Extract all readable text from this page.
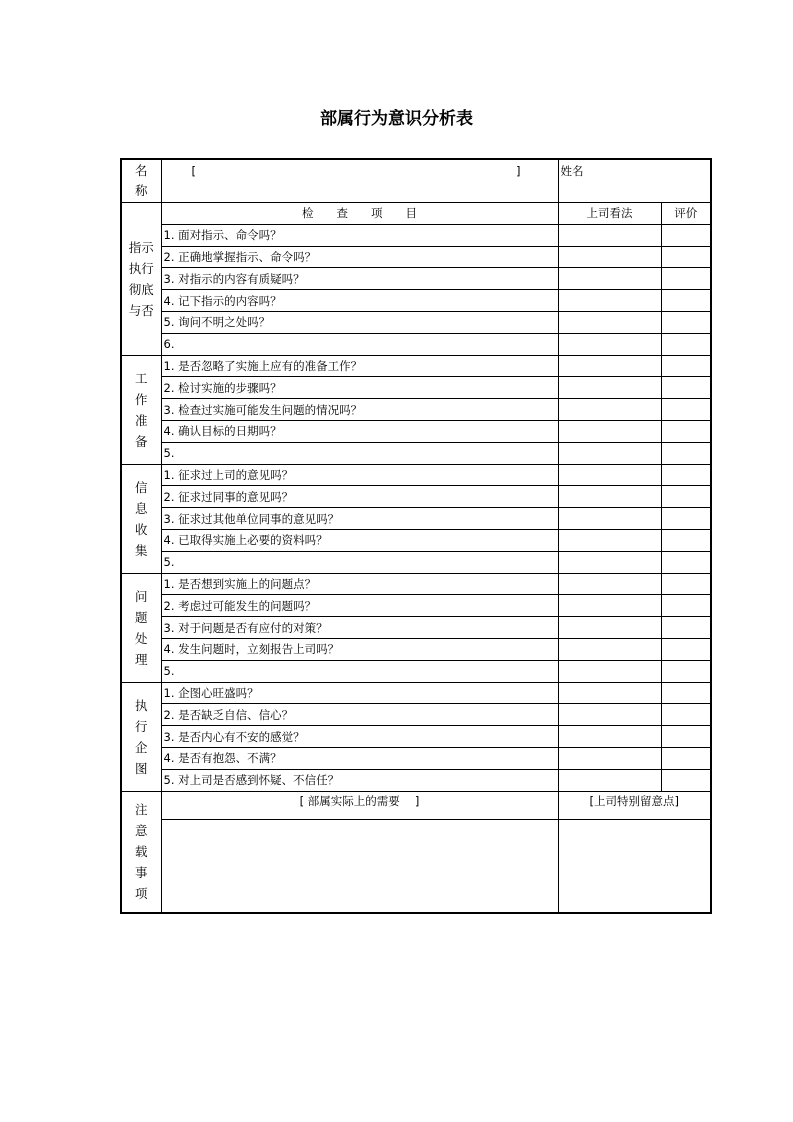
部属行为意识分析表
名称	[ ]	姓名	
指示执行彻底与否	检　　查　　项　　目	上司看法	评价
	1. 面对指示、命令吗？		
	2. 正确地掌握指示、命令吗？		
	3. 对指示的内容有质疑吗？		
	4. 记下指示的内容吗？		
	5. 询问不明之处吗？		
	6.		
工作准备	1. 是否忽略了实施上应有的准备工作？		
	2. 检讨实施的步骤吗？		
	3. 检查过实施可能发生问题的情况吗？		
	4. 确认目标的日期吗？		
	5.		
信息收集	1. 征求过上司的意见吗？		
	2. 征求过同事的意见吗？		
	3. 征求过其他单位同事的意见吗？		
	4. 已取得实施上必要的资料吗？		
	5.		
问题处理	1. 是否想到实施上的问题点？		
	2. 考虑过可能发生的问题吗？		
	3. 对于问题是否有应付的对策？		
	4. 发生问题时，立刻报告上司吗？		
	5.		
执行企图	1. 企图心旺盛吗？		
	2. 是否缺乏自信、信心？		
	3. 是否内心有不安的感觉？		
	4. 是否有抱怨、不满？		
	5. 对上司是否感到怀疑、不信任？		
注意载事项	[ 部属实际上的需要　 ]	[上司特别留意点]	
